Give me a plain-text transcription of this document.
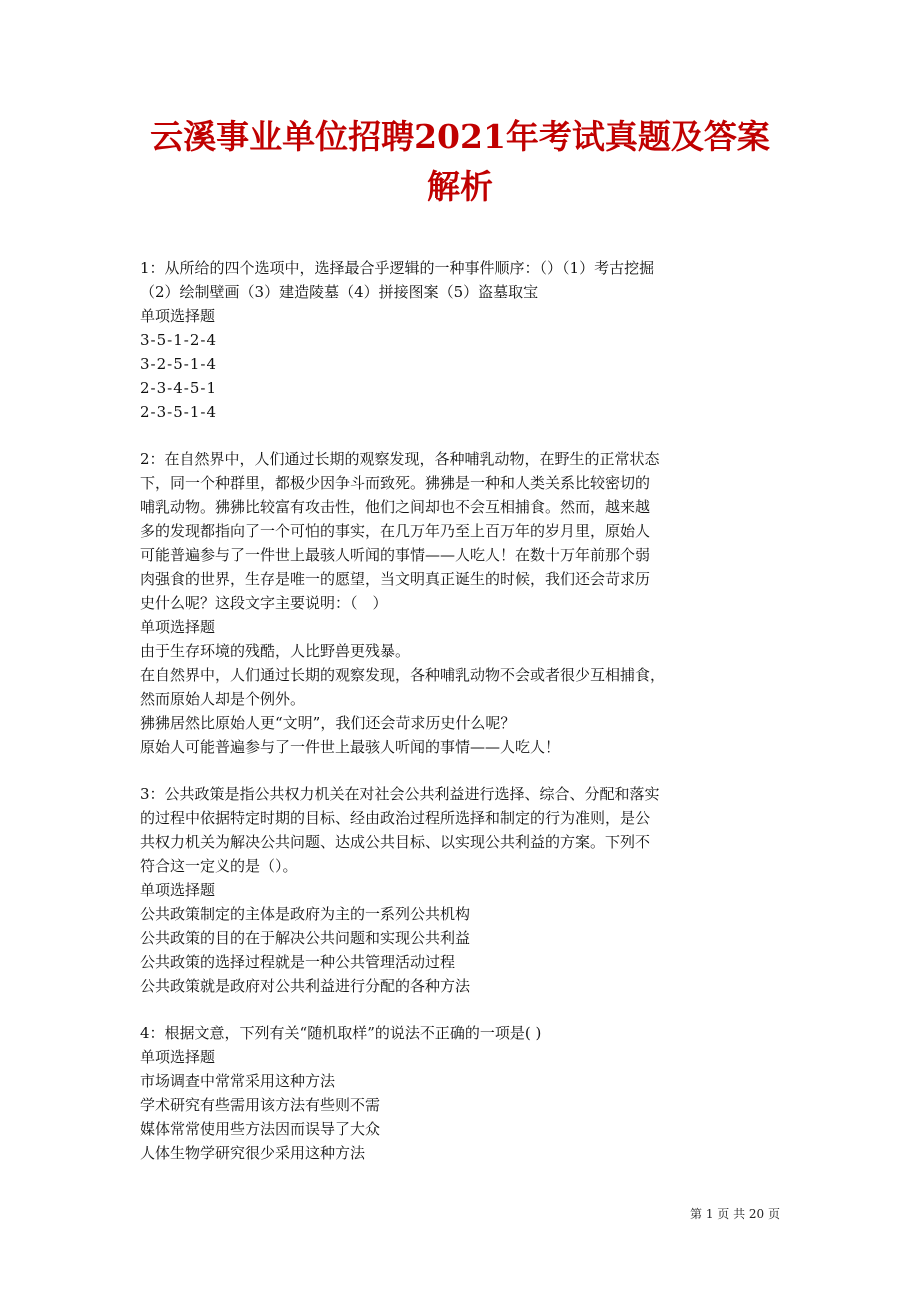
云溪事业单位招聘2021年考试真题及答案
解析
1：从所给的四个选项中，选择最合乎逻辑的一种事件顺序：（）（1）考古挖掘
（2）绘制壁画（3）建造陵墓（4）拼接图案（5）盗墓取宝
单项选择题
3-5-1-2-4
3-2-5-1-4
2-3-4-5-1
2-3-5-1-4
2：在自然界中，人们通过长期的观察发现，各种哺乳动物，在野生的正常状态
下，同一个种群里，都极少因争斗而致死。狒狒是一种和人类关系比较密切的
哺乳动物。狒狒比较富有攻击性，他们之间却也不会互相捕食。然而，越来越
多的发现都指向了一个可怕的事实，在几万年乃至上百万年的岁月里，原始人
可能普遍参与了一件世上最骇人听闻的事情——人吃人！在数十万年前那个弱
肉强食的世界，生存是唯一的愿望，当文明真正诞生的时候，我们还会苛求历
史什么呢？这段文字主要说明：（　）
单项选择题
由于生存环境的残酷，人比野兽更残暴。
在自然界中，人们通过长期的观察发现，各种哺乳动物不会或者很少互相捕食，
然而原始人却是个例外。
狒狒居然比原始人更“文明”，我们还会苛求历史什么呢？
原始人可能普遍参与了一件世上最骇人听闻的事情——人吃人！
3：公共政策是指公共权力机关在对社会公共利益进行选择、综合、分配和落实
的过程中依据特定时期的目标、经由政治过程所选择和制定的行为准则，是公
共权力机关为解决公共问题、达成公共目标、以实现公共利益的方案。下列不
符合这一定义的是（）。
单项选择题
公共政策制定的主体是政府为主的一系列公共机构
公共政策的目的在于解决公共问题和实现公共利益
公共政策的选择过程就是一种公共管理活动过程
公共政策就是政府对公共利益进行分配的各种方法
4：根据文意，下列有关“随机取样”的说法不正确的一项是( )
单项选择题
市场调查中常常采用这种方法
学术研究有些需用该方法有些则不需
媒体常常使用些方法因而误导了大众
人体生物学研究很少采用这种方法
第 1 页 共 20 页
